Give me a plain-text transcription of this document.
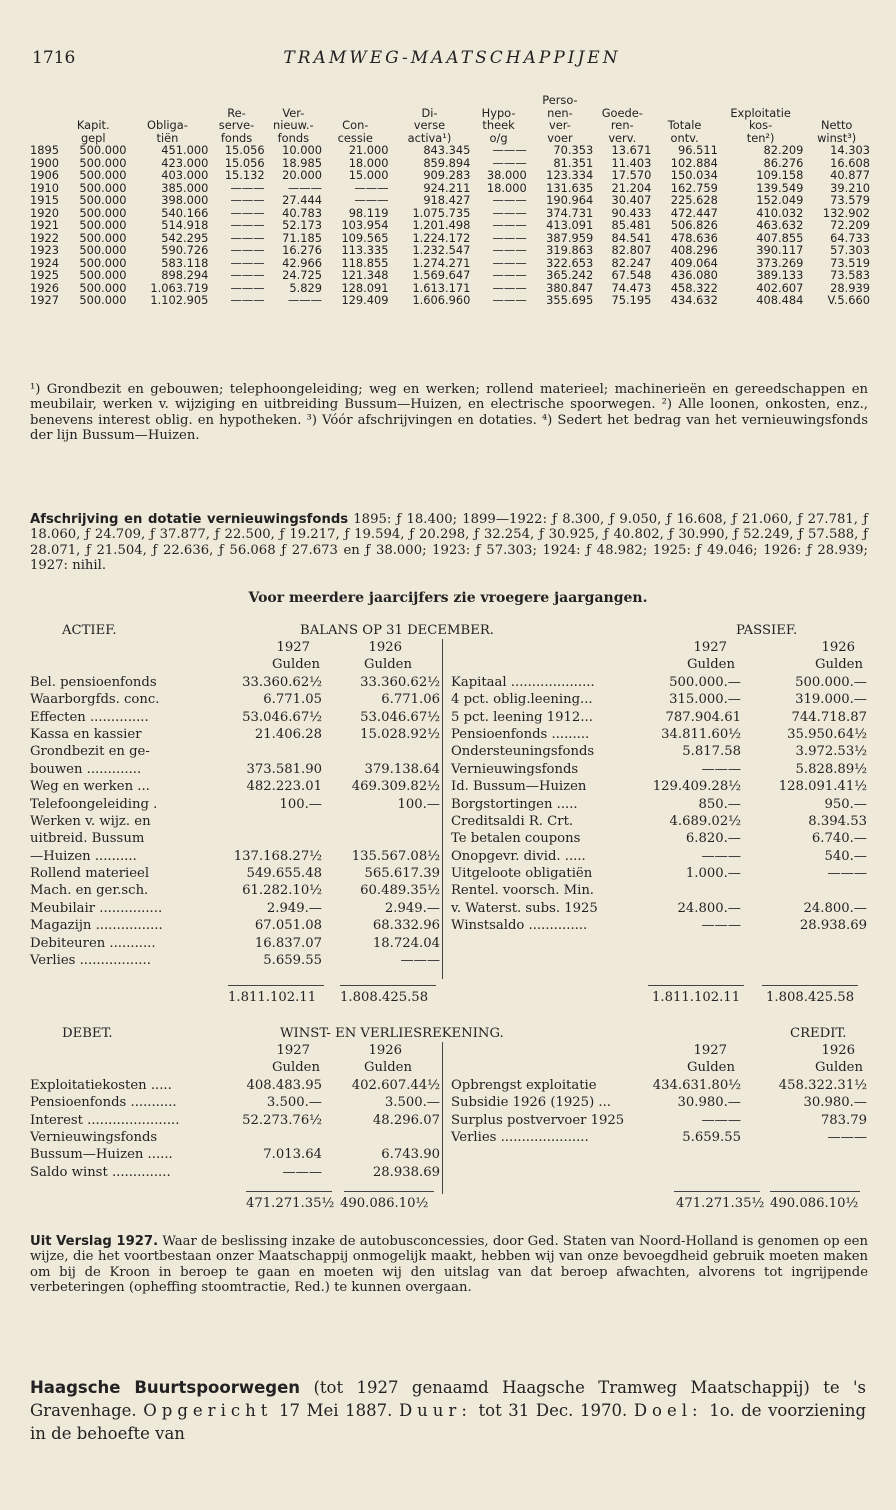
1716	TRAMWEG-MAATSCHAPPIJEN
			Re-	Ver-		Di-	Hypo-	Perso-
nen-	Goede-		Exploitatie	
	Kapit.	Obliga-	serve-	nieuw.-	Con-	verse	theek	ver-	ren-	Totale	kos-	Netto
	gepl	tiën	fonds	fonds	cessie	activa¹)	o/g	voer	verv.	ontv.	ten²)	winst³)
1895	500.000	451.000	15.056	10.000	21.000	843.345	———	70.353	13.671	96.511	82.209	14.303
1900	500.000	423.000	15.056	18.985	18.000	859.894	———	81.351	11.403	102.884	86.276	16.608
1906	500.000	403.000	15.132	20.000	15.000	909.283	38.000	123.334	17.570	150.034	109.158	40.877
1910	500.000	385.000	———	———	———	924.211	18.000	131.635	21.204	162.759	139.549	39.210
1915	500.000	398.000	———	27.444	———	918.427	———	190.964	30.407	225.628	152.049	73.579
1920	500.000	540.166	———	40.783	98.119	1.075.735	———	374.731	90.433	472.447	410.032	132.902
1921	500.000	514.918	———	52.173	103.954	1.201.498	———	413.091	85.481	506.826	463.632	72.209
1922	500.000	542.295	———	71.185	109.565	1.224.172	———	387.959	84.541	478.636	407.855	64.733
1923	500.000	590.726	———	16.276	113.335	1.232.547	———	319.863	82.807	408.296	390.117	57.303
1924	500.000	583.118	———	42.966	118.855	1.274.271	———	322.653	82.247	409.064	373.269	73.519
1925	500.000	898.294	———	24.725	121.348	1.569.647	———	365.242	67.548	436.080	389.133	73.583
1926	500.000	1.063.719	———	5.829	128.091	1.613.171	———	380.847	74.473	458.322	402.607	28.939
1927	500.000	1.102.905	———	———	129.409	1.606.960	———	355.695	75.195	434.632	408.484	V.5.660
¹) Grondbezit en gebouwen; telephoongeleiding; weg en werken; rollend materieel; machinerieën en gereedschappen en meubilair, werken v. wijziging en uitbreiding Bussum—Huizen, en electrische spoorwegen. ²) Alle loonen, onkosten, enz., benevens interest oblig. en hypotheken. ³) Vóór afschrijvingen en dotaties. ⁴) Sedert het bedrag van het vernieuwingsfonds der lijn Bussum—Huizen.
Afschrijving en dotatie vernieuwingsfonds 1895: ƒ 18.400; 1899—1922: ƒ 8.300, ƒ 9.050, ƒ 16.608, ƒ 21.060, ƒ 27.781, ƒ 18.060, ƒ 24.709, ƒ 37.877, ƒ 22.500, ƒ 19.217, ƒ 19.594, ƒ 20.298, ƒ 32.254, ƒ 30.925, ƒ 40.802, ƒ 30.990, ƒ 52.249, ƒ 57.588, ƒ 28.071, ƒ 21.504, ƒ 22.636, ƒ 56.068 ƒ 27.673 en ƒ 38.000; 1923: ƒ 57.303; 1924: ƒ 48.982; 1925: ƒ 49.046; 1926: ƒ 28.939; 1927: nihil.
Voor meerdere jaarcijfers zie vroegere jaargangen.
ACTIEF.	BALANS OP 31 DECEMBER.	PASSIEF.
1927	1926
Gulden	Gulden
Bel. pensioenfonds	33.360.62½	33.360.62½
Waarborgfds. conc.	6.771.05	6.771.06
Effecten ..............	53.046.67½	53.046.67½
Kassa en kassier	21.406.28	15.028.92½
Grondbezit en ge-
bouwen .............	373.581.90	379.138.64
Weg en werken ...	482.223.01 469.309.82½
Telefoongeleiding .	100.—	100.—
Werken v. wijz. en
uitbreid. Bussum
—Huizen ..........	137.168.27½ 135.567.08½
Rollend materieel	549.655.48	565.617.39
Mach. en ger.sch.	61.282.10½	60.489.35½
Meubilair ...............	2.949.—	2.949.—
Magazijn ................	67.051.08	68.332.96
Debiteuren ...........	16.837.07	18.724.04
Verlies .................	5.659.55	———
1927	1926
Gulden	Gulden
Kapitaal ....................	500.000.—	500.000.—
4 pct. oblig.leening...	315.000.—	319.000.—
5 pct. leening 1912...	787.904.61	744.718.87
Pensioenfonds .........	34.811.60½	35.950.64½
Ondersteuningsfonds	5.817.58	3.972.53½
Vernieuwingsfonds	———	5.828.89½
Id. Bussum—Huizen	129.409.28½	128.091.41½
Borgstortingen .....	850.—	950.—
Creditsaldi R. Crt.	4.689.02½	8.394.53
Te betalen coupons	6.820.—	6.740.—
Onopgevr. divid. .....	———	540.—
Uitgeloote obligatiën	1.000.—	———
Rentel. voorsch. Min.
v. Waterst. subs. 1925	24.800.—	24.800.—
Winstsaldo ..............	———	28.938.69
1.811.102.11 1.808.425.58	1.811.102.11 1.808.425.58
DEBET.	WINST- EN VERLIESREKENING.	CREDIT.
1927	1926
Gulden	Gulden
Exploitatiekosten .....	408.483.95 402.607.44½
Pensioenfonds ...........	3.500.—	3.500.—
Interest ......................	52.273.76½	48.296.07
Vernieuwingsfonds
Bussum—Huizen ......	7.013.64	6.743.90
Saldo winst ..............	———	28.938.69
1927	1926
Gulden	Gulden
Opbrengst exploitatie	434.631.80½	458.322.31½
Subsidie 1926 (1925) ...	30.980.—	30.980.—
Surplus postvervoer 1925	———	783.79
Verlies .....................	5.659.55	———
471.271.35½ 490.086.10½	471.271.35½ 490.086.10½
Uit Verslag 1927. Waar de beslissing inzake de autobusconcessies, door Ged. Staten van Noord-Holland is genomen op een wijze, die het voortbestaan onzer Maatschappij onmogelijk maakt, hebben wij van onze bevoegdheid gebruik moeten maken om bij de Kroon in beroep te gaan en moeten wij den uitslag van dat beroep afwachten, alvorens tot ingrijpende verbeteringen (opheffing stoomtractie, Red.) te kunnen overgaan.
Haagsche Buurtspoorwegen (tot 1927 genaamd Haagsche Tramweg Maatschappij) te 's Gravenhage. Opgericht 17 Mei 1887. Duur: tot 31 Dec. 1970. Doel: 1o. de voorziening in de behoefte van
